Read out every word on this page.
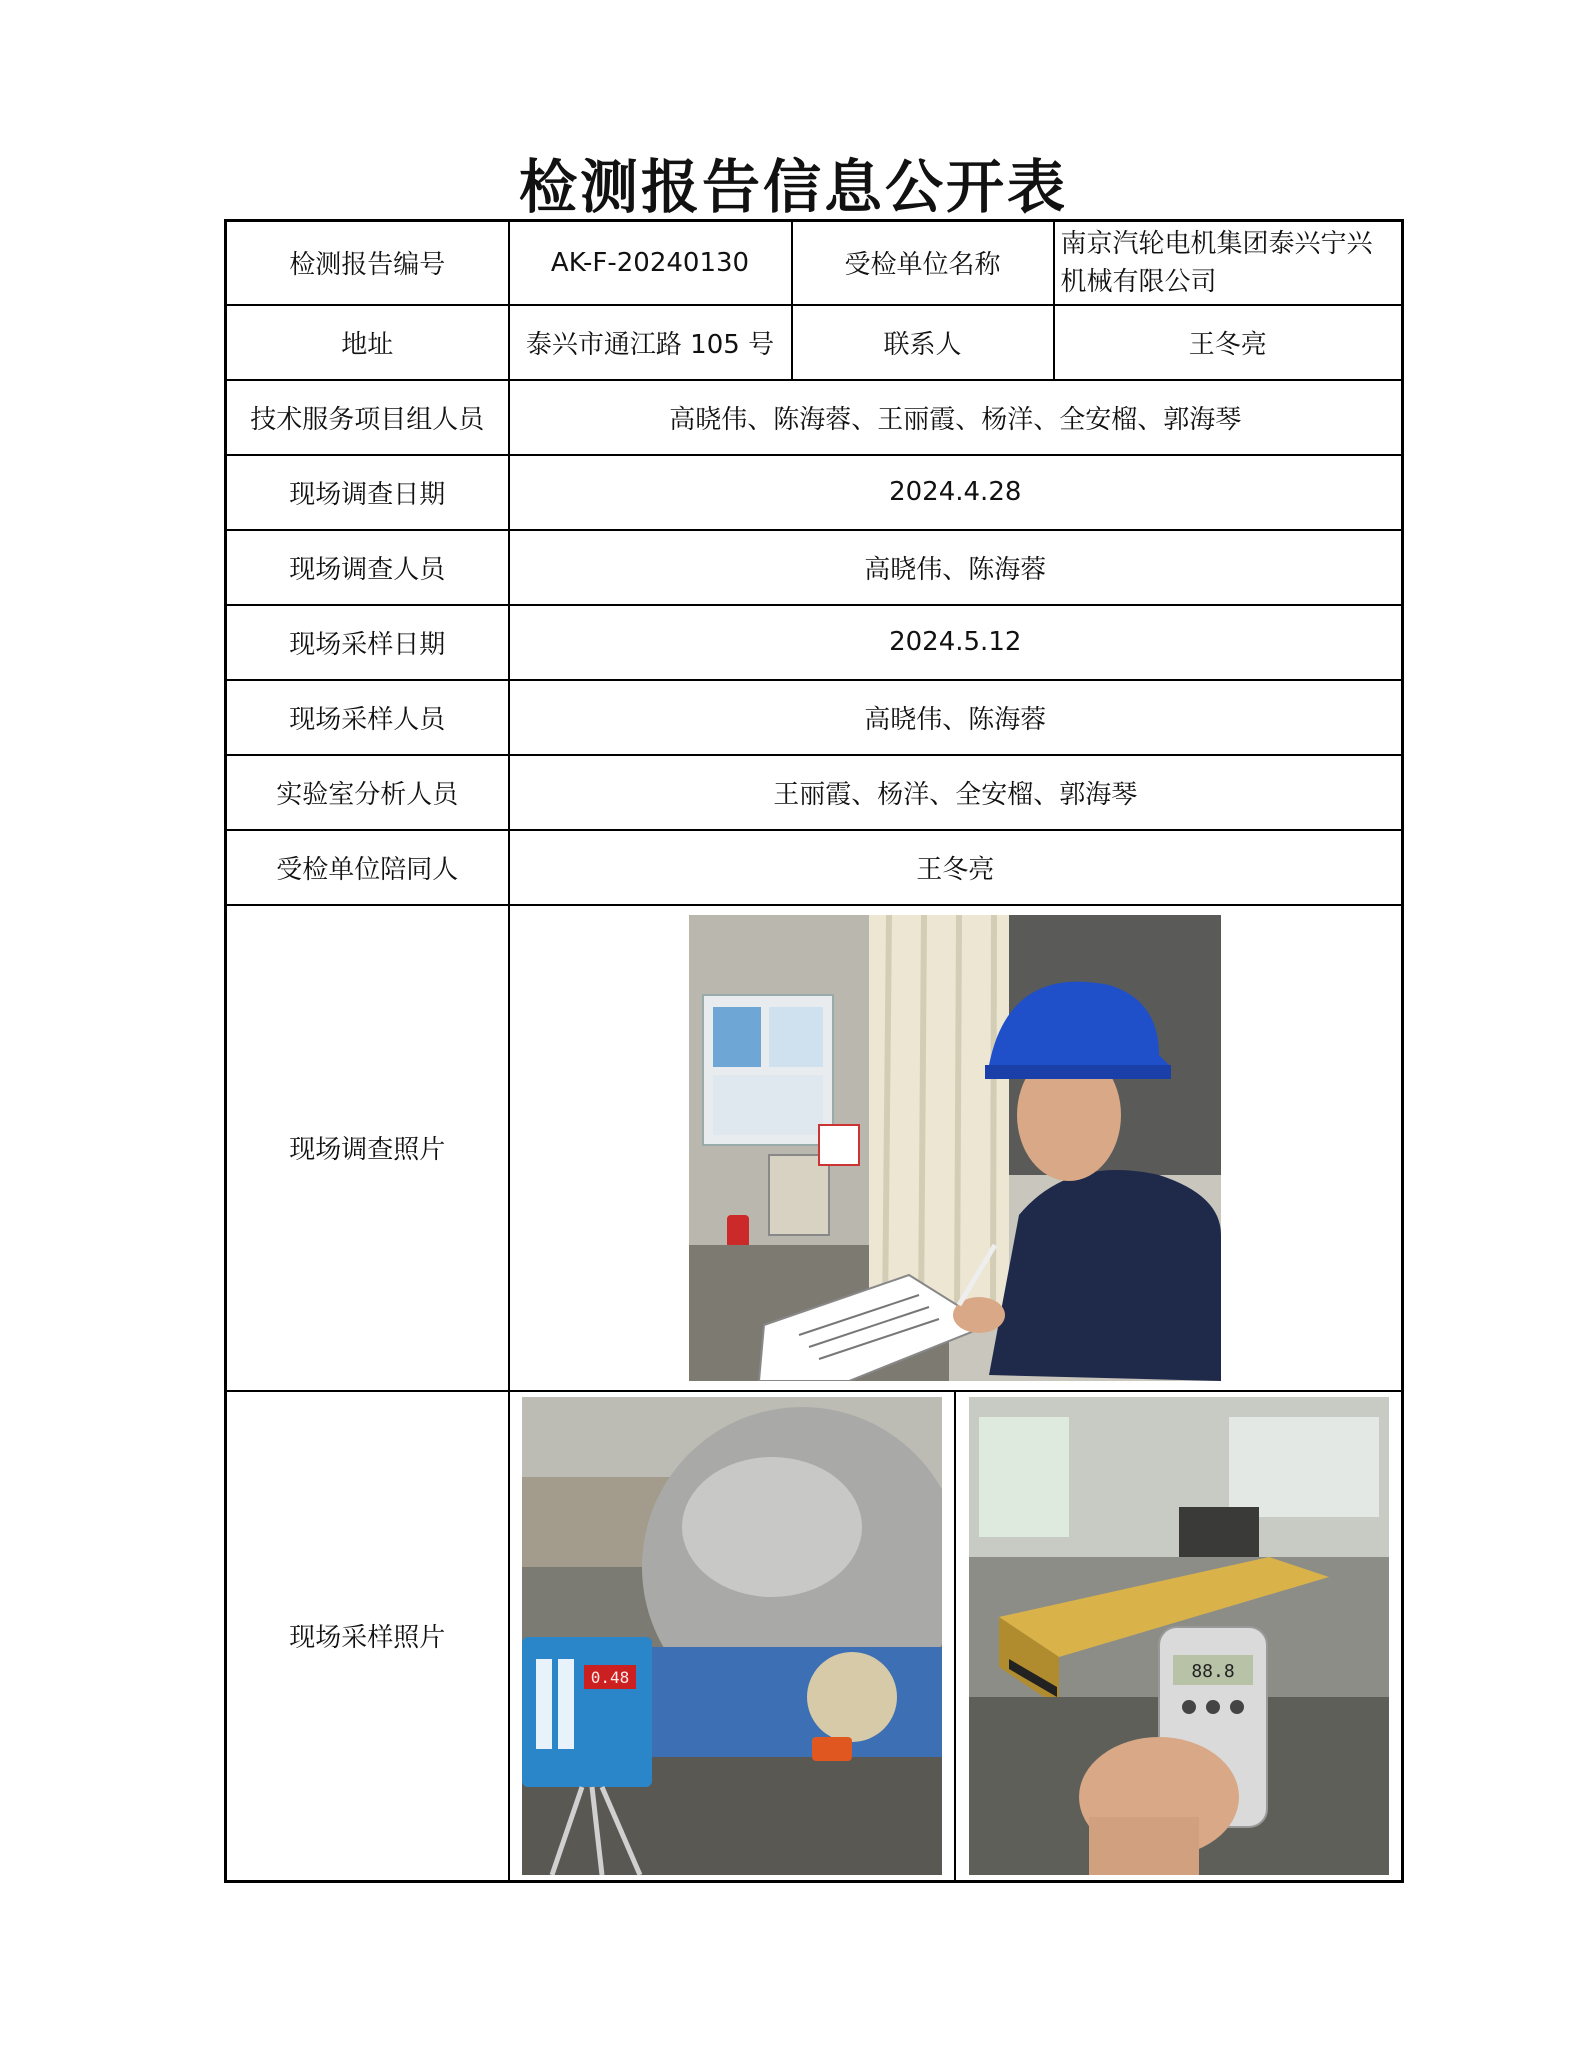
检测报告信息公开表
检测报告编号	AK-F-20240130	受检单位名称	南京汽轮电机集团泰兴宁兴机械有限公司
地址	泰兴市通江路 105 号	联系人	王冬亮
技术服务项目组人员	高晓伟、陈海蓉、王丽霞、杨洋、全安榴、郭海琴		
现场调查日期	2024.4.28		
现场调查人员	高晓伟、陈海蓉		
现场采样日期	2024.5.12		
现场采样人员	高晓伟、陈海蓉		
实验室分析人员	王丽霞、杨洋、全安榴、郭海琴		
受检单位陪同人	王冬亮		
现场调查照片	

现场采样照片	0.48 88.8		
